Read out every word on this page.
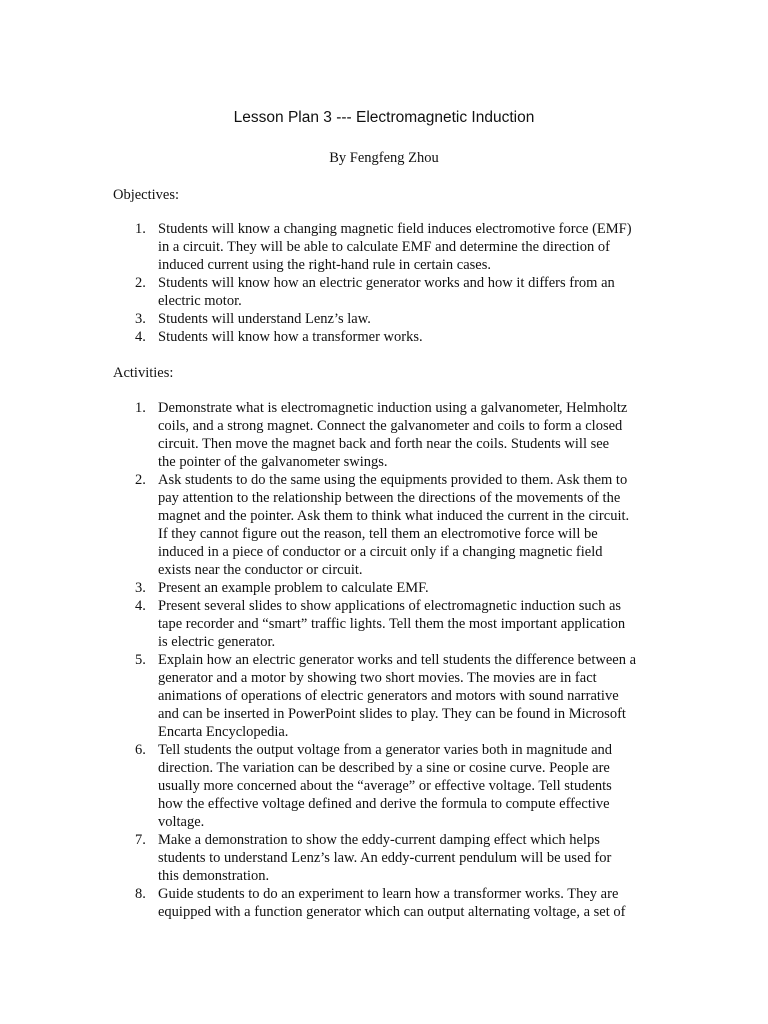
Lesson Plan 3 --- Electromagnetic Induction
By Fengfeng Zhou
Objectives:
1. Students will know a changing magnetic field induces electromotive force (EMF)
in a circuit. They will be able to calculate EMF and determine the direction of
induced current using the right-hand rule in certain cases.
2. Students will know how an electric generator works and how it differs from an
electric motor.
3. Students will understand Lenz’s law.
4. Students will know how a transformer works.
Activities:
1. Demonstrate what is electromagnetic induction using a galvanometer, Helmholtz
coils, and a strong magnet. Connect the galvanometer and coils to form a closed
circuit. Then move the magnet back and forth near the coils. Students will see
the pointer of the galvanometer swings.
2. Ask students to do the same using the equipments provided to them. Ask them to
pay attention to the relationship between the directions of the movements of the
magnet and the pointer. Ask them to think what induced the current in the circuit.
If they cannot figure out the reason, tell them an electromotive force will be
induced in a piece of conductor or a circuit only if a changing magnetic field
exists near the conductor or circuit.
3. Present an example problem to calculate EMF.
4. Present several slides to show applications of electromagnetic induction such as
tape recorder and “smart” traffic lights. Tell them the most important application
is electric generator.
5. Explain how an electric generator works and tell students the difference between a
generator and a motor by showing two short movies. The movies are in fact
animations of operations of electric generators and motors with sound narrative
and can be inserted in PowerPoint slides to play. They can be found in Microsoft
Encarta Encyclopedia.
6. Tell students the output voltage from a generator varies both in magnitude and
direction. The variation can be described by a sine or cosine curve. People are
usually more concerned about the “average” or effective voltage. Tell students
how the effective voltage defined and derive the formula to compute effective
voltage.
7. Make a demonstration to show the eddy-current damping effect which helps
students to understand Lenz’s law. An eddy-current pendulum will be used for
this demonstration.
8. Guide students to do an experiment to learn how a transformer works. They are
equipped with a function generator which can output alternating voltage, a set of
